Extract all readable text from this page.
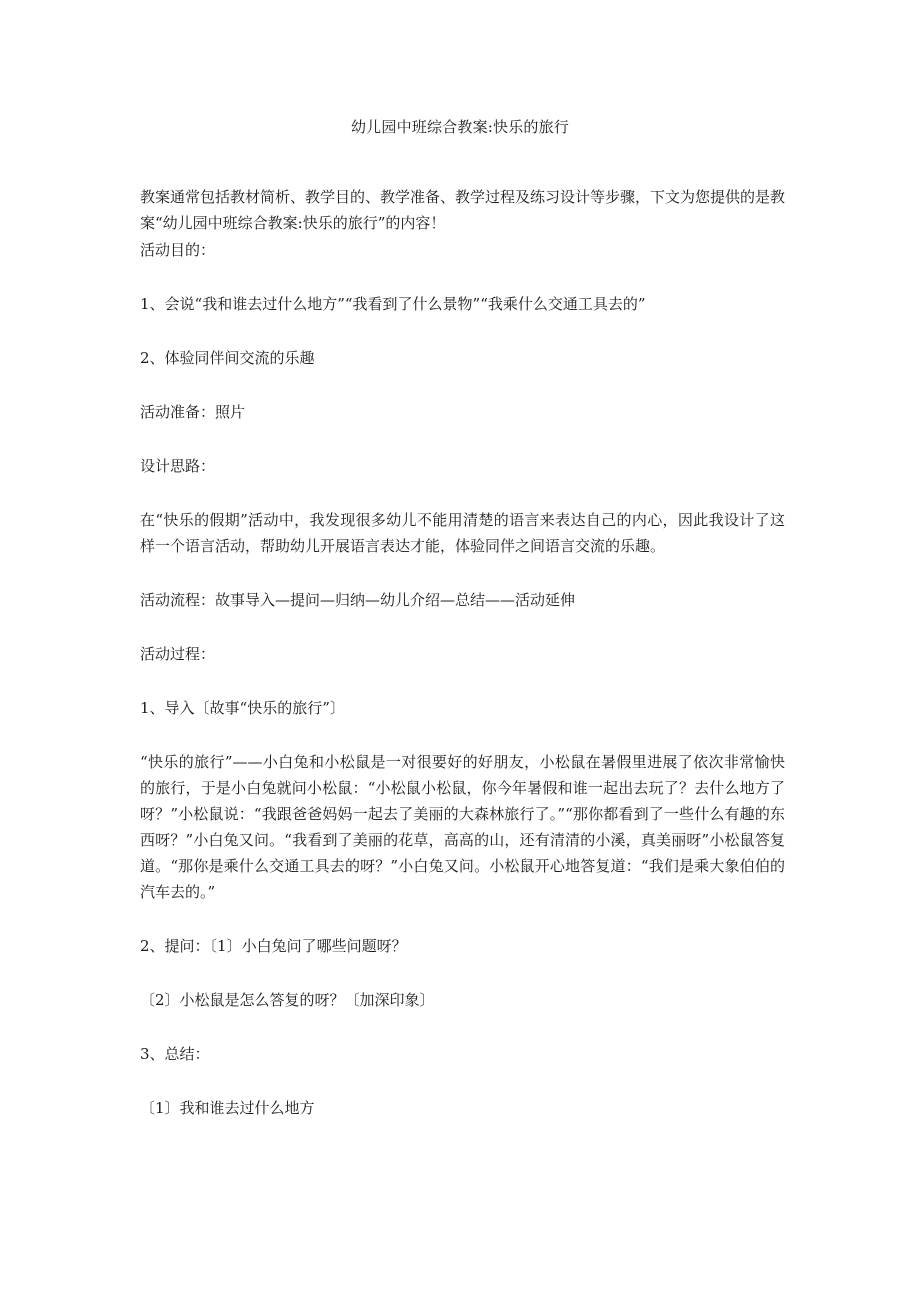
幼儿园中班综合教案:快乐的旅行

教案通常包括教材简析、教学目的、教学准备、教学过程及练习设计等步骤，下文为您提供的是教案“幼儿园中班综合教案:快乐的旅行”的内容！

活动目的：

1、会说“我和谁去过什么地方”“我看到了什么景物”“我乘什么交通工具去的”

2、体验同伴间交流的乐趣

活动准备：照片

设计思路：

在“快乐的假期”活动中，我发现很多幼儿不能用清楚的语言来表达自己的内心，因此我设计了这样一个语言活动，帮助幼儿开展语言表达才能，体验同伴之间语言交流的乐趣。

活动流程：故事导入—提问—归纳—幼儿介绍—总结——活动延伸

活动过程：

1、导入〔故事“快乐的旅行”〕

“快乐的旅行”——小白兔和小松鼠是一对很要好的好朋友，小松鼠在暑假里进展了依次非常愉快的旅行，于是小白兔就问小松鼠：“小松鼠小松鼠，你今年暑假和谁一起出去玩了？去什么地方了呀？”小松鼠说：“我跟爸爸妈妈一起去了美丽的大森林旅行了。”“那你都看到了一些什么有趣的东西呀？”小白兔又问。“我看到了美丽的花草，高高的山，还有清清的小溪，真美丽呀”小松鼠答复道。“那你是乘什么交通工具去的呀？”小白兔又问。小松鼠开心地答复道：“我们是乘大象伯伯的汽车去的。”

2、提问：〔1〕小白兔问了哪些问题呀？

〔2〕小松鼠是怎么答复的呀？〔加深印象〕

3、总结：

〔1〕我和谁去过什么地方
